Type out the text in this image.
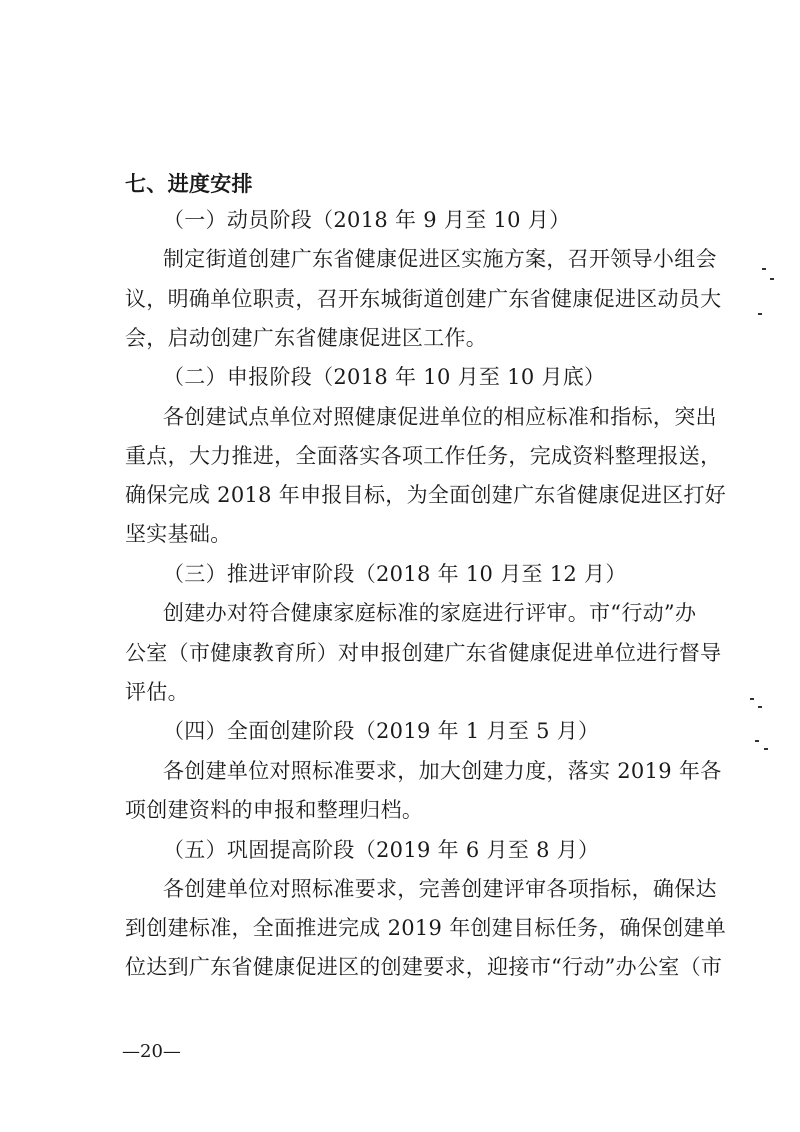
七、进度安排
（一）动员阶段（2018 年 9 月至 10 月）
制定街道创建广东省健康促进区实施方案，召开领导小组会
议，明确单位职责，召开东城街道创建广东省健康促进区动员大
会，启动创建广东省健康促进区工作。
（二）申报阶段（2018 年 10 月至 10 月底）
各创建试点单位对照健康促进单位的相应标准和指标，突出
重点，大力推进，全面落实各项工作任务，完成资料整理报送，
确保完成 2018 年申报目标，为全面创建广东省健康促进区打好
坚实基础。
（三）推进评审阶段（2018 年 10 月至 12 月）
创建办对符合健康家庭标准的家庭进行评审。市“行动”办
公室（市健康教育所）对申报创建广东省健康促进单位进行督导
评估。
（四）全面创建阶段（2019 年 1 月至 5 月）
各创建单位对照标准要求，加大创建力度，落实 2019 年各
项创建资料的申报和整理归档。
（五）巩固提高阶段（2019 年 6 月至 8 月）
各创建单位对照标准要求，完善创建评审各项指标，确保达
到创建标准，全面推进完成 2019 年创建目标任务，确保创建单
位达到广东省健康促进区的创建要求，迎接市“行动”办公室（市
—20—
